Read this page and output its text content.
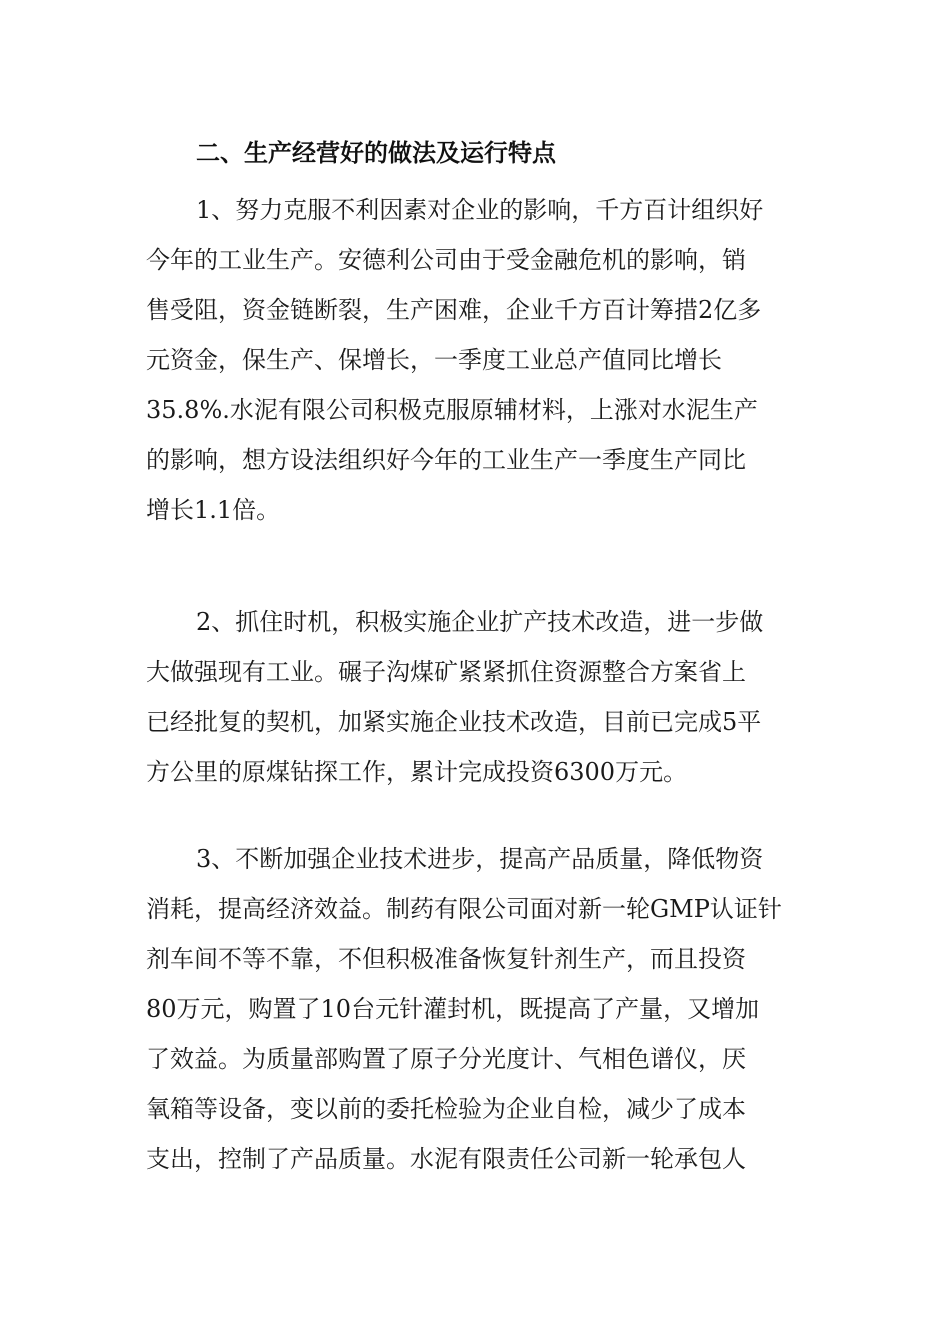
二、生产经营好的做法及运行特点
1、努力克服不利因素对企业的影响，千方百计组织好
今年的工业生产。安德利公司由于受金融危机的影响，销
售受阻，资金链断裂，生产困难，企业千方百计筹措2亿多
元资金，保生产、保增长，一季度工业总产值同比增长
35.8%.水泥有限公司积极克服原辅材料，上涨对水泥生产
的影响，想方设法组织好今年的工业生产一季度生产同比
增长1.1倍。
2、抓住时机，积极实施企业扩产技术改造，进一步做
大做强现有工业。碾子沟煤矿紧紧抓住资源整合方案省上
已经批复的契机，加紧实施企业技术改造，目前已完成5平
方公里的原煤钻探工作，累计完成投资6300万元。
3、不断加强企业技术进步，提高产品质量，降低物资
消耗，提高经济效益。制药有限公司面对新一轮GMP认证针
剂车间不等不靠，不但积极准备恢复针剂生产，而且投资
80万元，购置了10台元针灌封机，既提高了产量，又增加
了效益。为质量部购置了原子分光度计、气相色谱仪，厌
氧箱等设备，变以前的委托检验为企业自检，减少了成本
支出，控制了产品质量。水泥有限责任公司新一轮承包人
